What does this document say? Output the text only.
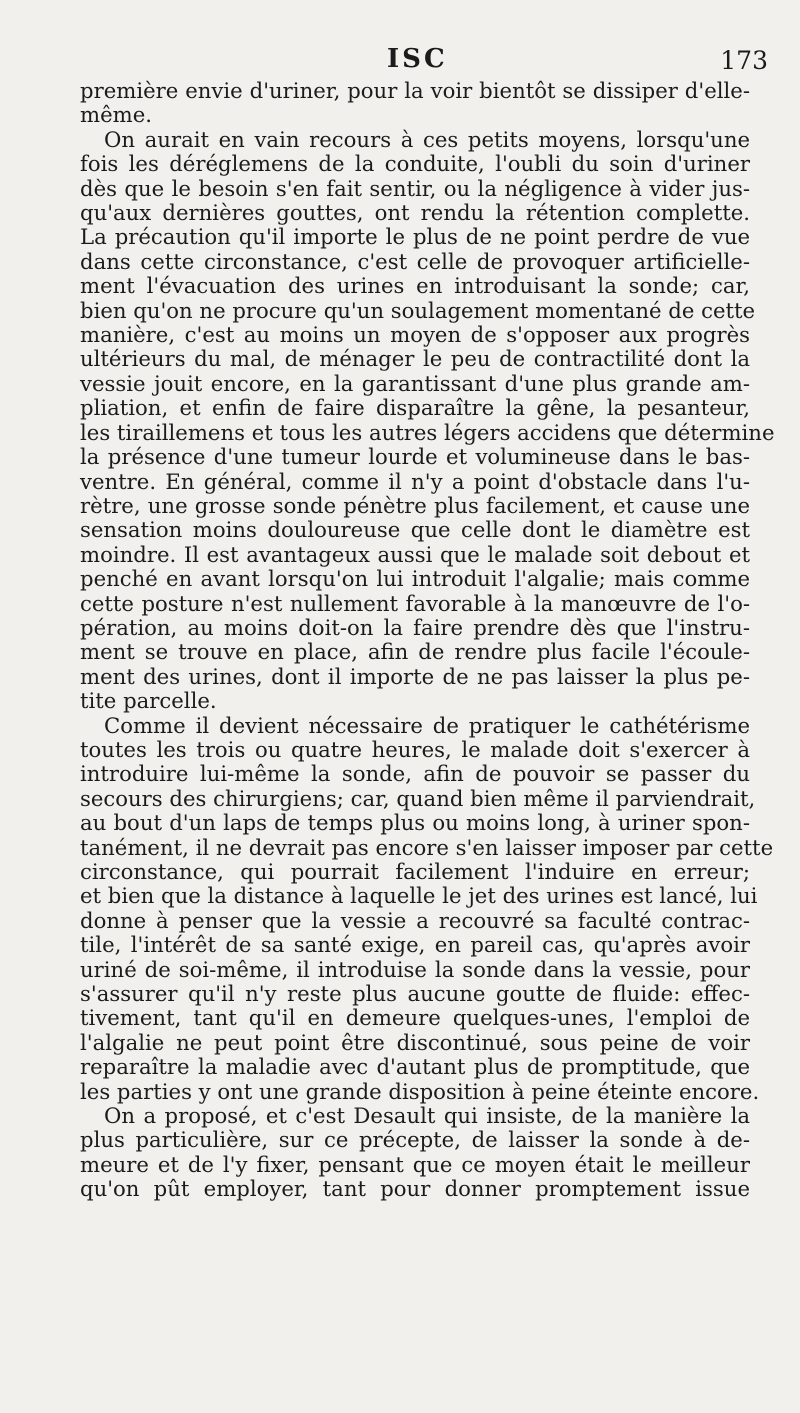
ISC	173
première envie d'uriner, pour la voir bientôt se dissiper d'elle-
même.
On aurait en vain recours à ces petits moyens, lorsqu'une
fois les déréglemens de la conduite, l'oubli du soin d'uriner
dès que le besoin s'en fait sentir, ou la négligence à vider jus-
qu'aux dernières gouttes, ont rendu la rétention complette.
La précaution qu'il importe le plus de ne point perdre de vue
dans cette circonstance, c'est celle de provoquer artificielle-
ment l'évacuation des urines en introduisant la sonde; car,
bien qu'on ne procure qu'un soulagement momentané de cette
manière, c'est au moins un moyen de s'opposer aux progrès
ultérieurs du mal, de ménager le peu de contractilité dont la
vessie jouit encore, en la garantissant d'une plus grande am-
pliation, et enfin de faire disparaître la gêne, la pesanteur,
les tiraillemens et tous les autres légers accidens que détermine
la présence d'une tumeur lourde et volumineuse dans le bas-
ventre. En général, comme il n'y a point d'obstacle dans l'u-
rètre, une grosse sonde pénètre plus facilement, et cause une
sensation moins douloureuse que celle dont le diamètre est
moindre. Il est avantageux aussi que le malade soit debout et
penché en avant lorsqu'on lui introduit l'algalie; mais comme
cette posture n'est nullement favorable à la manœuvre de l'o-
pération, au moins doit-on la faire prendre dès que l'instru-
ment se trouve en place, afin de rendre plus facile l'écoule-
ment des urines, dont il importe de ne pas laisser la plus pe-
tite parcelle.
Comme il devient nécessaire de pratiquer le cathétérisme
toutes les trois ou quatre heures, le malade doit s'exercer à
introduire lui-même la sonde, afin de pouvoir se passer du
secours des chirurgiens; car, quand bien même il parviendrait,
au bout d'un laps de temps plus ou moins long, à uriner spon-
tanément, il ne devrait pas encore s'en laisser imposer par cette
circonstance, qui pourrait facilement l'induire en erreur;
et bien que la distance à laquelle le jet des urines est lancé, lui
donne à penser que la vessie a recouvré sa faculté contrac-
tile, l'intérêt de sa santé exige, en pareil cas, qu'après avoir
uriné de soi-même, il introduise la sonde dans la vessie, pour
s'assurer qu'il n'y reste plus aucune goutte de fluide: effec-
tivement, tant qu'il en demeure quelques-unes, l'emploi de
l'algalie ne peut point être discontinué, sous peine de voir
reparaître la maladie avec d'autant plus de promptitude, que
les parties y ont une grande disposition à peine éteinte encore.
On a proposé, et c'est Desault qui insiste, de la manière la
plus particulière, sur ce précepte, de laisser la sonde à de-
meure et de l'y fixer, pensant que ce moyen était le meilleur
qu'on pût employer, tant pour donner promptement issue
